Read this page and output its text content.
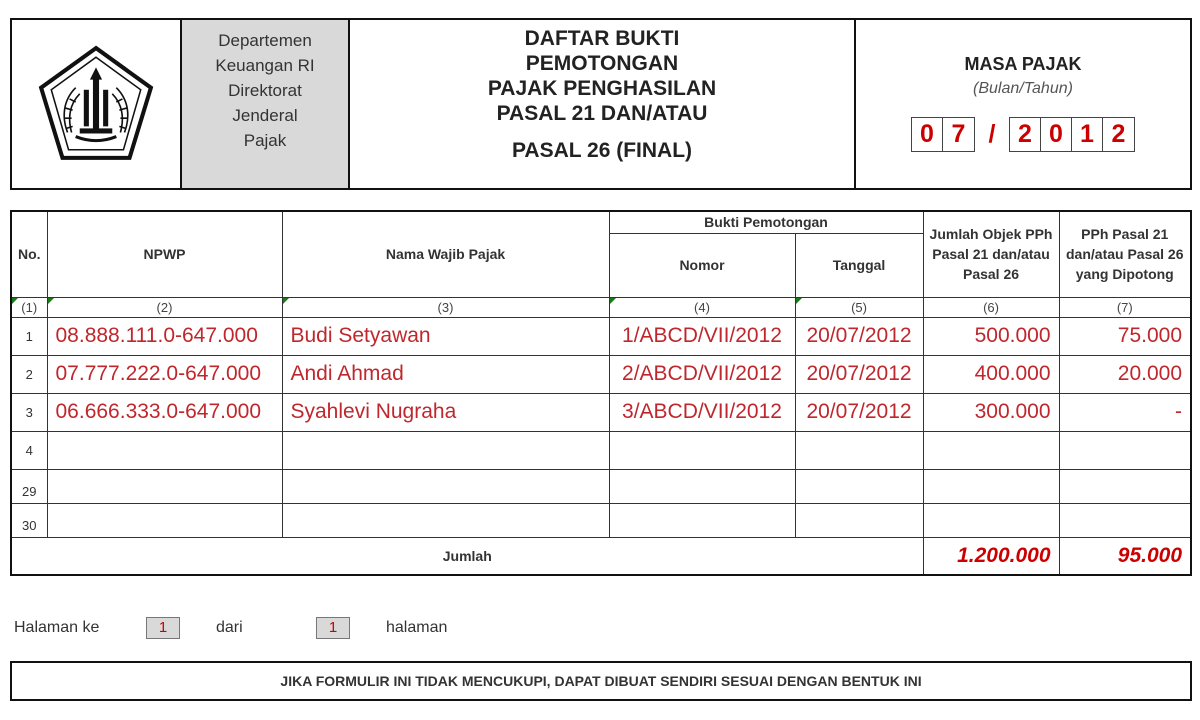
Departemen
Keuangan RI
Direktorat
Jenderal
Pajak
DAFTAR BUKTI
PEMOTONGAN
PAJAK PENGHASILAN
PASAL 21 DAN/ATAU
PASAL 26 (FINAL)
MASA PAJAK
(Bulan/Tahun)
0 7 / 2 0 1 2
No.	NPWP	Nama Wajib Pajak	Bukti Pemotongan		Jumlah Objek PPh Pasal 21 dan/atau Pasal 26	PPh Pasal 21 dan/atau Pasal 26 yang Dipotong
			Nomor	Tanggal		
(1)	(2)	(3)	(4)	(5)	(6)	(7)
1	08.888.111.0-647.000	Budi Setyawan	1/ABCD/VII/2012	20/07/2012	500.000	75.000
2	07.777.222.0-647.000	Andi Ahmad	2/ABCD/VII/2012	20/07/2012	400.000	20.000
3	06.666.333.0-647.000	Syahlevi Nugraha	3/ABCD/VII/2012	20/07/2012	300.000	-
4						
29						
30						
Jumlah					1.200.000	95.000
Halaman ke	1	dari	1	halaman
JIKA FORMULIR INI TIDAK MENCUKUPI, DAPAT DIBUAT SENDIRI SESUAI DENGAN BENTUK INI
